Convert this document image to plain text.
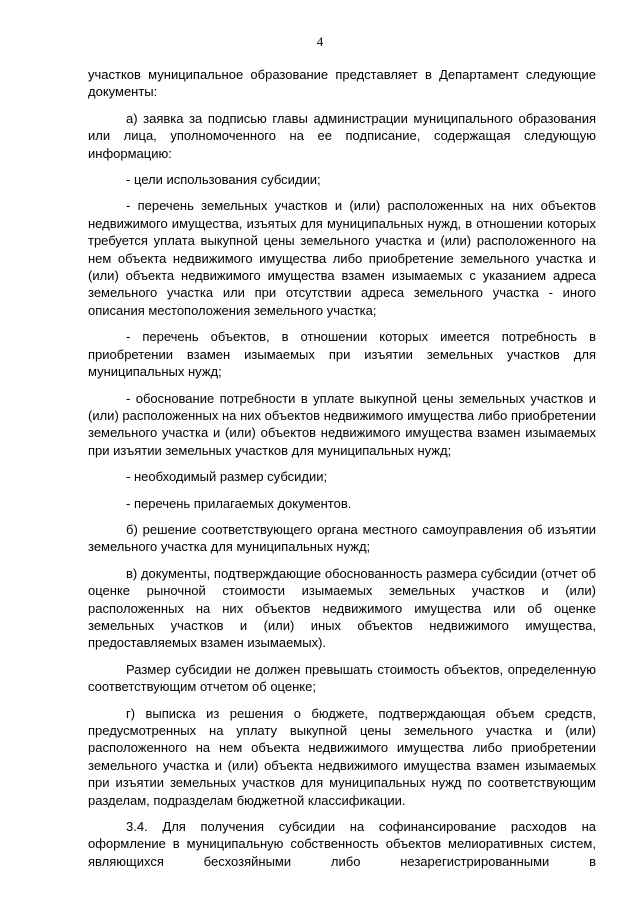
4

участков муниципальное образование представляет в Департамент следующие документы:

а) заявка за подписью главы администрации муниципального образования или лица, уполномоченного на ее подписание, содержащая следующую информацию:

- цели использования субсидии;

- перечень земельных участков и (или) расположенных на них объектов недвижимого имущества, изъятых для муниципальных нужд, в отношении которых требуется уплата выкупной цены земельного участка и (или) расположенного на нем объекта недвижимого имущества либо приобретение земельного участка и (или) объекта недвижимого имущества взамен изымаемых с указанием адреса земельного участка или при отсутствии адреса земельного участка - иного описания местоположения земельного участка;

- перечень объектов, в отношении которых имеется потребность в приобретении взамен изымаемых при изъятии земельных участков для муниципальных нужд;

- обоснование потребности в уплате выкупной цены земельных участков и (или) расположенных на них объектов недвижимого имущества либо приобретении земельного участка и (или) объектов недвижимого имущества взамен изымаемых при изъятии земельных участков для муниципальных нужд;

- необходимый размер субсидии;

- перечень прилагаемых документов.

б) решение соответствующего органа местного самоуправления об изъятии земельного участка для муниципальных нужд;

в) документы, подтверждающие обоснованность размера субсидии (отчет об оценке рыночной стоимости изымаемых земельных участков и (или) расположенных на них объектов недвижимого имущества или об оценке земельных участков и (или) иных объектов недвижимого имущества, предоставляемых взамен изымаемых).

Размер субсидии не должен превышать стоимость объектов, определенную соответствующим отчетом об оценке;

г) выписка из решения о бюджете, подтверждающая объем средств, предусмотренных на уплату выкупной цены земельного участка и (или) расположенного на нем объекта недвижимого имущества либо приобретении земельного участка и (или) объекта недвижимого имущества взамен изымаемых при изъятии земельных участков для муниципальных нужд по соответствующим разделам, подразделам бюджетной классификации.

3.4. Для получения субсидии на софинансирование расходов на оформление в муниципальную собственность объектов мелиоративных систем, являющихся бесхозяйными либо незарегистрированными в
